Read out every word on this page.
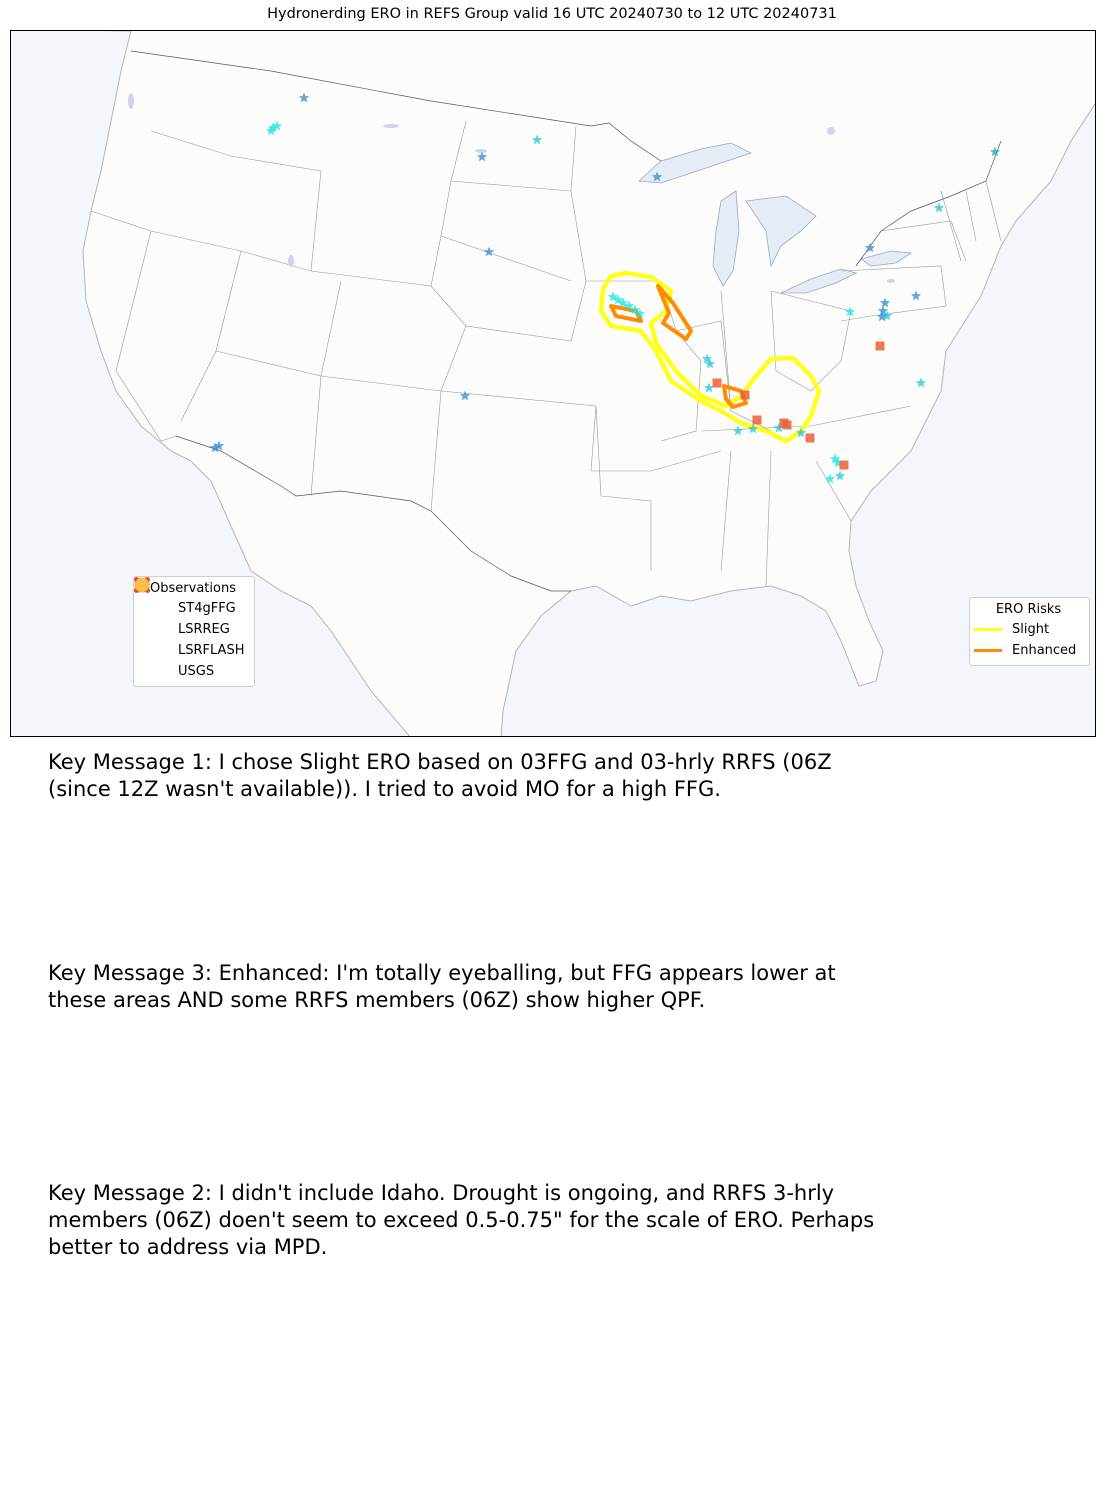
Hydronerding ERO in REFS Group valid 16 UTC 20240730 to 12 UTC 20240731
Observations
ST4gFFG
LSRREG
LSRFLASH
USGS
ERO Risks
Slight
Enhanced
Key Message 1: I chose Slight ERO based on 03FFG and 03-hrly RRFS (06Z
(since 12Z wasn't available)). I tried to avoid MO for a high FFG.
Key Message 3: Enhanced: I'm totally eyeballing, but FFG appears lower at
these areas AND some RRFS members (06Z) show higher QPF.
Key Message 2: I didn't include Idaho. Drought is ongoing, and RRFS 3-hrly
members (06Z) doen't seem to exceed 0.5-0.75" for the scale of ERO. Perhaps
better to address via MPD.
